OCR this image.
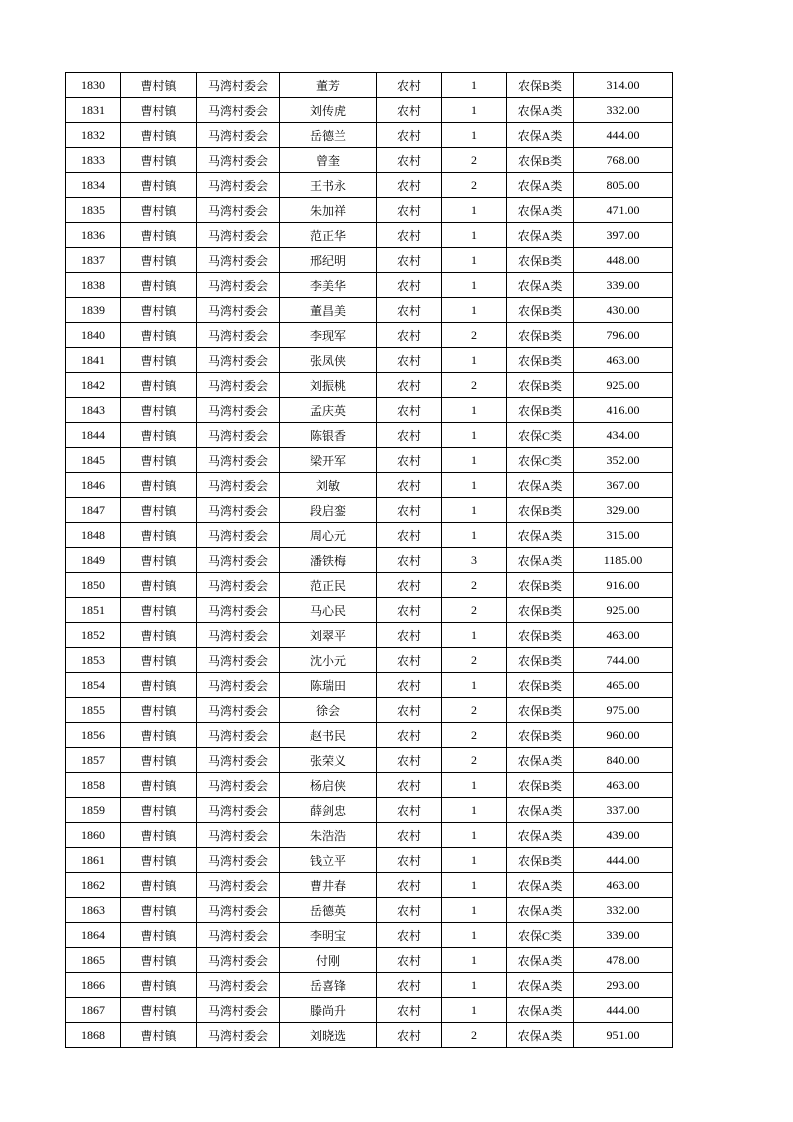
1830	曹村镇	马湾村委会	董芳	农村	1	农保B类	314.00
1831	曹村镇	马湾村委会	刘传虎	农村	1	农保A类	332.00
1832	曹村镇	马湾村委会	岳德兰	农村	1	农保A类	444.00
1833	曹村镇	马湾村委会	曾奎	农村	2	农保B类	768.00
1834	曹村镇	马湾村委会	王书永	农村	2	农保A类	805.00
1835	曹村镇	马湾村委会	朱加祥	农村	1	农保A类	471.00
1836	曹村镇	马湾村委会	范正华	农村	1	农保A类	397.00
1837	曹村镇	马湾村委会	邢纪明	农村	1	农保B类	448.00
1838	曹村镇	马湾村委会	李美华	农村	1	农保A类	339.00
1839	曹村镇	马湾村委会	董昌美	农村	1	农保B类	430.00
1840	曹村镇	马湾村委会	李现军	农村	2	农保B类	796.00
1841	曹村镇	马湾村委会	张凤侠	农村	1	农保B类	463.00
1842	曹村镇	马湾村委会	刘振桃	农村	2	农保B类	925.00
1843	曹村镇	马湾村委会	孟庆英	农村	1	农保B类	416.00
1844	曹村镇	马湾村委会	陈银香	农村	1	农保C类	434.00
1845	曹村镇	马湾村委会	梁开军	农村	1	农保C类	352.00
1846	曹村镇	马湾村委会	刘敏	农村	1	农保A类	367.00
1847	曹村镇	马湾村委会	段启銮	农村	1	农保B类	329.00
1848	曹村镇	马湾村委会	周心元	农村	1	农保A类	315.00
1849	曹村镇	马湾村委会	潘铁梅	农村	3	农保A类	1185.00
1850	曹村镇	马湾村委会	范正民	农村	2	农保B类	916.00
1851	曹村镇	马湾村委会	马心民	农村	2	农保B类	925.00
1852	曹村镇	马湾村委会	刘翠平	农村	1	农保B类	463.00
1853	曹村镇	马湾村委会	沈小元	农村	2	农保B类	744.00
1854	曹村镇	马湾村委会	陈瑞田	农村	1	农保B类	465.00
1855	曹村镇	马湾村委会	徐会	农村	2	农保B类	975.00
1856	曹村镇	马湾村委会	赵书民	农村	2	农保B类	960.00
1857	曹村镇	马湾村委会	张荣义	农村	2	农保A类	840.00
1858	曹村镇	马湾村委会	杨启侠	农村	1	农保B类	463.00
1859	曹村镇	马湾村委会	薛剑忠	农村	1	农保A类	337.00
1860	曹村镇	马湾村委会	朱浩浩	农村	1	农保A类	439.00
1861	曹村镇	马湾村委会	钱立平	农村	1	农保B类	444.00
1862	曹村镇	马湾村委会	曹井春	农村	1	农保A类	463.00
1863	曹村镇	马湾村委会	岳德英	农村	1	农保A类	332.00
1864	曹村镇	马湾村委会	李明宝	农村	1	农保C类	339.00
1865	曹村镇	马湾村委会	付刚	农村	1	农保A类	478.00
1866	曹村镇	马湾村委会	岳喜锋	农村	1	农保A类	293.00
1867	曹村镇	马湾村委会	滕尚升	农村	1	农保A类	444.00
1868	曹村镇	马湾村委会	刘晓选	农村	2	农保A类	951.00
